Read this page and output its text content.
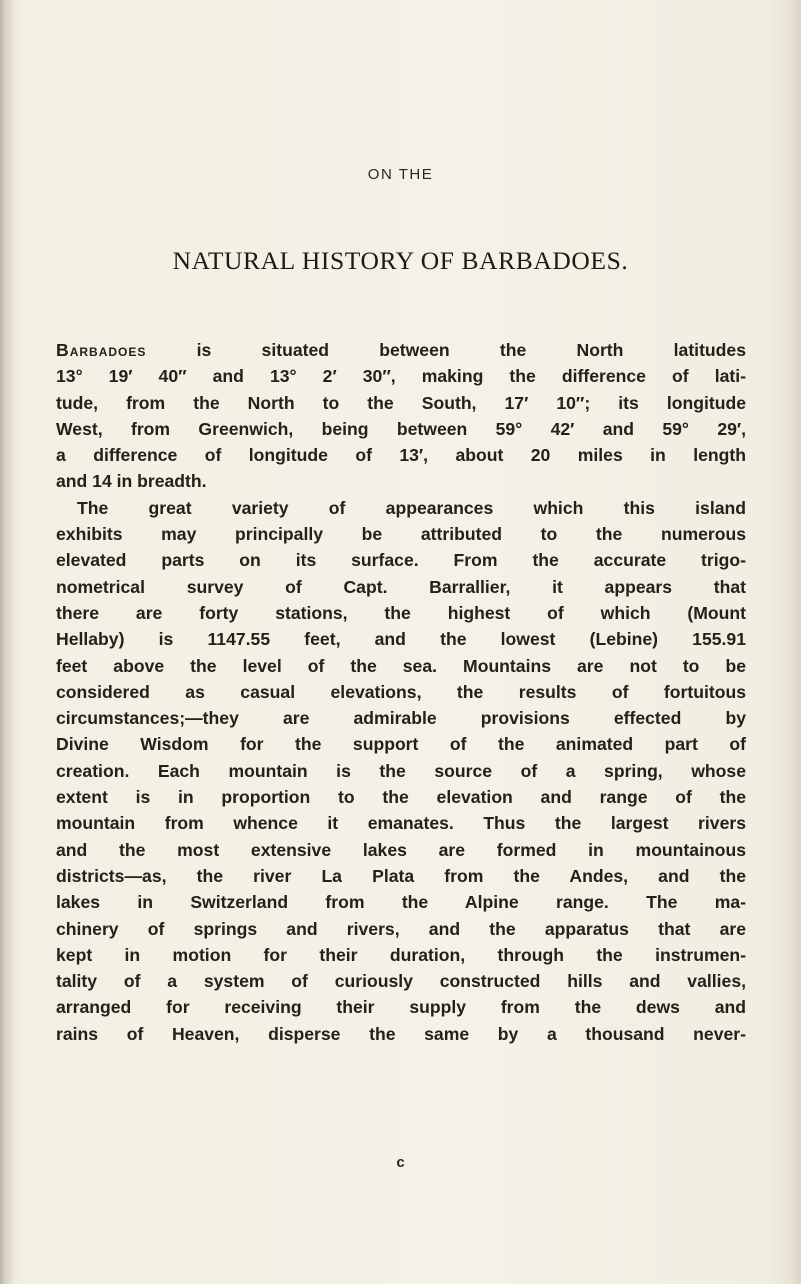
ON THE
NATURAL HISTORY OF BARBADOES.
Barbadoes is situated between the North latitudes
13° 19′ 40″ and 13° 2′ 30″, making the difference of lati-
tude, from the North to the South, 17′ 10″; its longitude
West, from Greenwich, being between 59° 42′ and 59° 29′,
a difference of longitude of 13′, about 20 miles in length
and 14 in breadth.
The great variety of appearances which this island
exhibits may principally be attributed to the numerous
elevated parts on its surface. From the accurate trigo-
nometrical survey of Capt. Barrallier, it appears that
there are forty stations, the highest of which (Mount
Hellaby) is 1147.55 feet, and the lowest (Lebine) 155.91
feet above the level of the sea. Mountains are not to be
considered as casual elevations, the results of fortuitous
circumstances;—they are admirable provisions effected by
Divine Wisdom for the support of the animated part of
creation. Each mountain is the source of a spring, whose
extent is in proportion to the elevation and range of the
mountain from whence it emanates. Thus the largest rivers
and the most extensive lakes are formed in mountainous
districts—as, the river La Plata from the Andes, and the
lakes in Switzerland from the Alpine range. The ma-
chinery of springs and rivers, and the apparatus that are
kept in motion for their duration, through the instrumen-
tality of a system of curiously constructed hills and vallies,
arranged for receiving their supply from the dews and
rains of Heaven, disperse the same by a thousand never-
c
